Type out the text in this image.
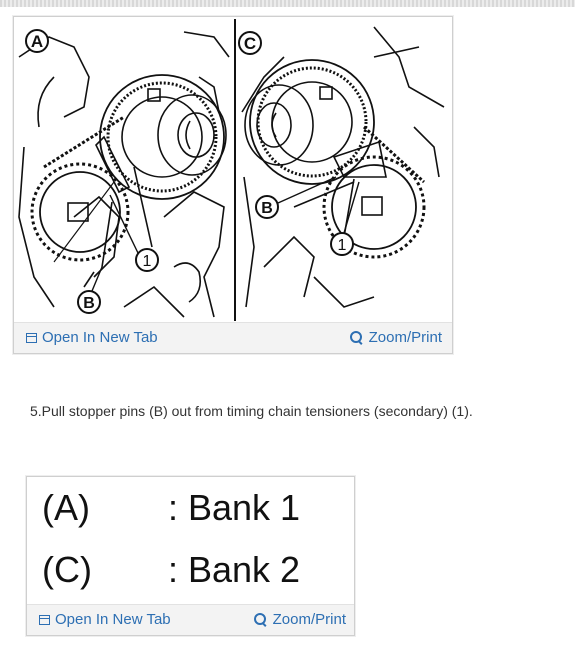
A
1
B
C
B
1
Open In New Tab	Zoom/Print
5.Pull stopper pins (B) out from timing chain tensioners (secondary) (1).
(A) : Bank 1
(C) : Bank 2
Open In New Tab	Zoom/Print
